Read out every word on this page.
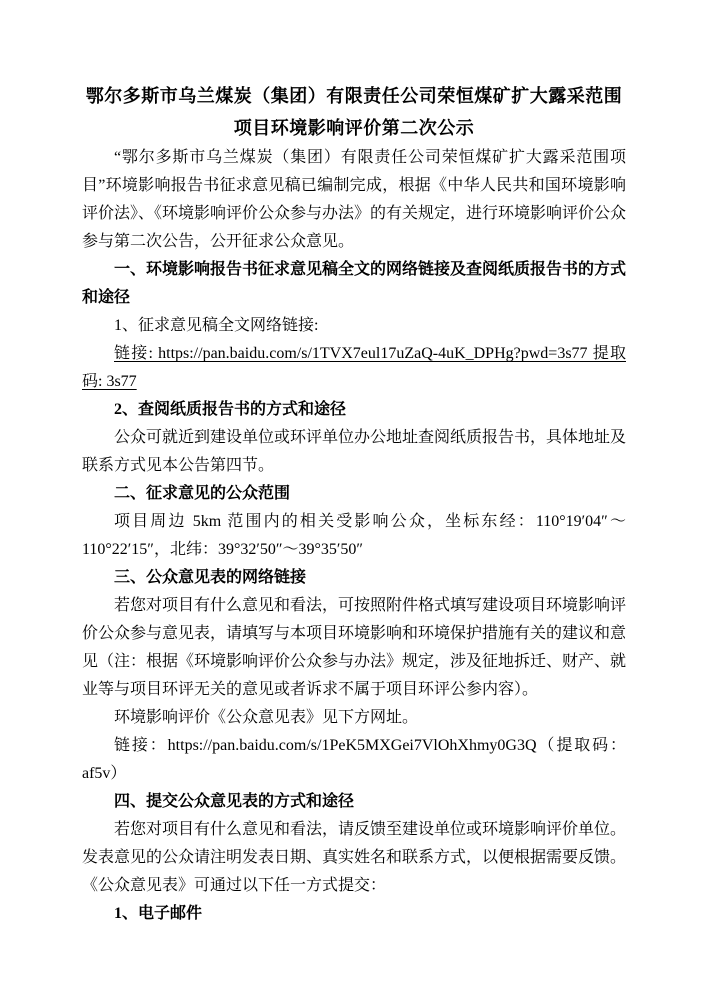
鄂尔多斯市乌兰煤炭（集团）有限责任公司荣恒煤矿扩大露采范围项目环境影响评价第二次公示

“鄂尔多斯市乌兰煤炭（集团）有限责任公司荣恒煤矿扩大露采范围项目”环境影响报告书征求意见稿已编制完成，根据《中华人民共和国环境影响评价法》、《环境影响评价公众参与办法》的有关规定，进行环境影响评价公众参与第二次公告，公开征求公众意见。

一、环境影响报告书征求意见稿全文的网络链接及查阅纸质报告书的方式和途径

1、征求意见稿全文网络链接:

链接: https://pan.baidu.com/s/1TVX7eul17uZaQ-4uK_DPHg?pwd=3s77 提取码: 3s77

2、查阅纸质报告书的方式和途径

公众可就近到建设单位或环评单位办公地址查阅纸质报告书，具体地址及联系方式见本公告第四节。

二、征求意见的公众范围

项目周边 5km 范围内的相关受影响公众，坐标东经：110°19′04″～110°22′15″，北纬：39°32′50″～39°35′50″

三、公众意见表的网络链接

若您对项目有什么意见和看法，可按照附件格式填写建设项目环境影响评价公众参与意见表，请填写与本项目环境影响和环境保护措施有关的建议和意见（注：根据《环境影响评价公众参与办法》规定，涉及征地拆迁、财产、就业等与项目环评无关的意见或者诉求不属于项目环评公参内容）。

环境影响评价《公众意见表》见下方网址。

链接：https://pan.baidu.com/s/1PeK5MXGei7VlOhXhmy0G3Q（提取码：af5v）

四、提交公众意见表的方式和途径

若您对项目有什么意见和看法，请反馈至建设单位或环境影响评价单位。发表意见的公众请注明发表日期、真实姓名和联系方式，以便根据需要反馈。《公众意见表》可通过以下任一方式提交：

1、电子邮件
